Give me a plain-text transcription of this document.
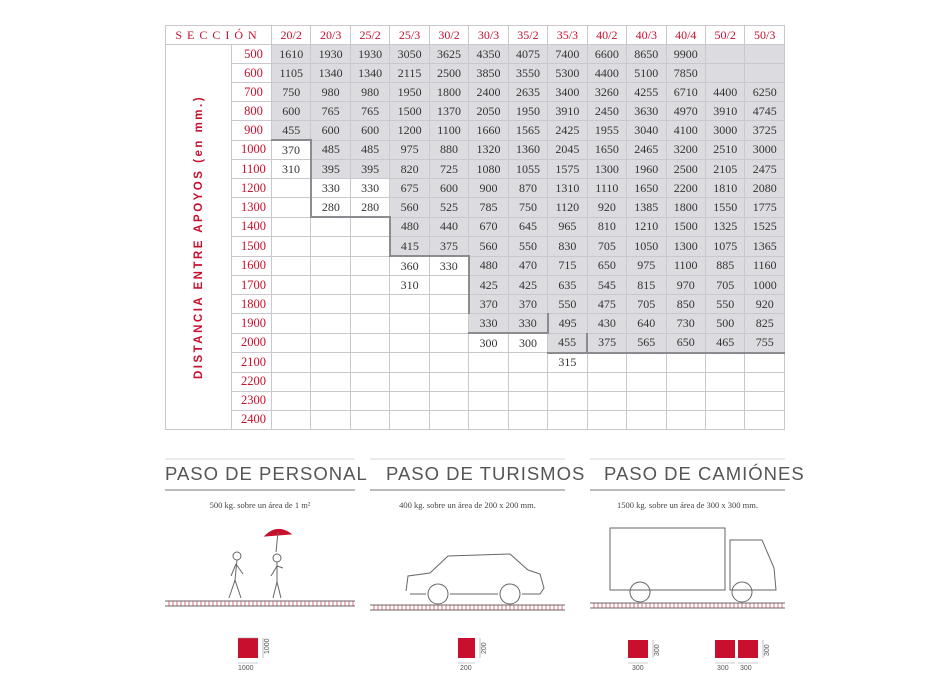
SECCIÓN		20/2	20/3	25/2	25/3	30/2	30/3	35/2	35/3	40/2	40/3	40/4	50/2	50/3

DISTANCIA ENTRE APOYOS (en mm.)	500	1610	1930	1930	3050	3625	4350	4075	7400	6600	8650	9900		
	600	1105	1340	1340	2115	2500	3850	3550	5300	4400	5100	7850		
	700	750	980	980	1950	1800	2400	2635	3400	3260	4255	6710	4400	6250
	800	600	765	765	1500	1370	2050	1950	3910	2450	3630	4970	3910	4745
	900	455	600	600	1200	1100	1660	1565	2425	1955	3040	4100	3000	3725
	1000	370	485	485	975	880	1320	1360	2045	1650	2465	3200	2510	3000
	1100	310	395	395	820	725	1080	1055	1575	1300	1960	2500	2105	2475
	1200		330	330	675	600	900	870	1310	1110	1650	2200	1810	2080
	1300		280	280	560	525	785	750	1120	920	1385	1800	1550	1775
	1400				480	440	670	645	965	810	1210	1500	1325	1525
	1500				415	375	560	550	830	705	1050	1300	1075	1365
	1600				360	330	480	470	715	650	975	1100	885	1160
	1700				310		425	425	635	545	815	970	705	1000
	1800						370	370	550	475	705	850	550	920
	1900						330	330	495	430	640	730	500	825
	2000						300	300	455	375	565	650	465	755
	2100								315					
	2200													
	2300													
	2400													
PASO DE PERSONAL
500 kg. sobre un área de 1 m²
1000
1000
PASO DE TURISMOS
400 kg. sobre un área de 200 x 200 mm.
200
200
PASO DE CAMIÓNES
1500 kg. sobre un área de 300 x 300 mm.
300
300
300 300
300
